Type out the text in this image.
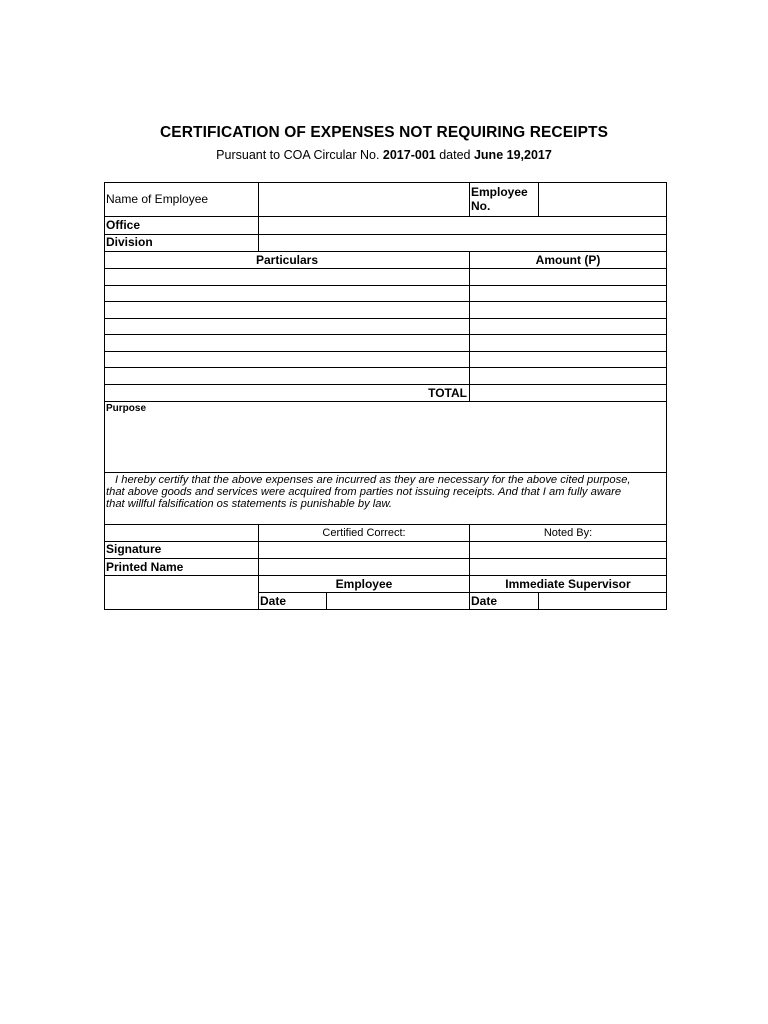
CERTIFICATION OF EXPENSES NOT REQUIRING RECEIPTS
Pursuant to COA Circular No. 2017-001 dated June 19,2017
Name of Employee	Employee
No.
Office
Division
Particulars	Amount (P)
TOTAL
Purpose
I hereby certify that the above expenses are incurred as they are necessary for the above cited purpose,
that above goods and services were acquired from parties not issuing receipts. And that I am fully aware
that willful falsification os statements is punishable by law.
Certified Correct:	Noted By:
Signature
Printed Name
Employee	Immediate Supervisor
Date	Date
